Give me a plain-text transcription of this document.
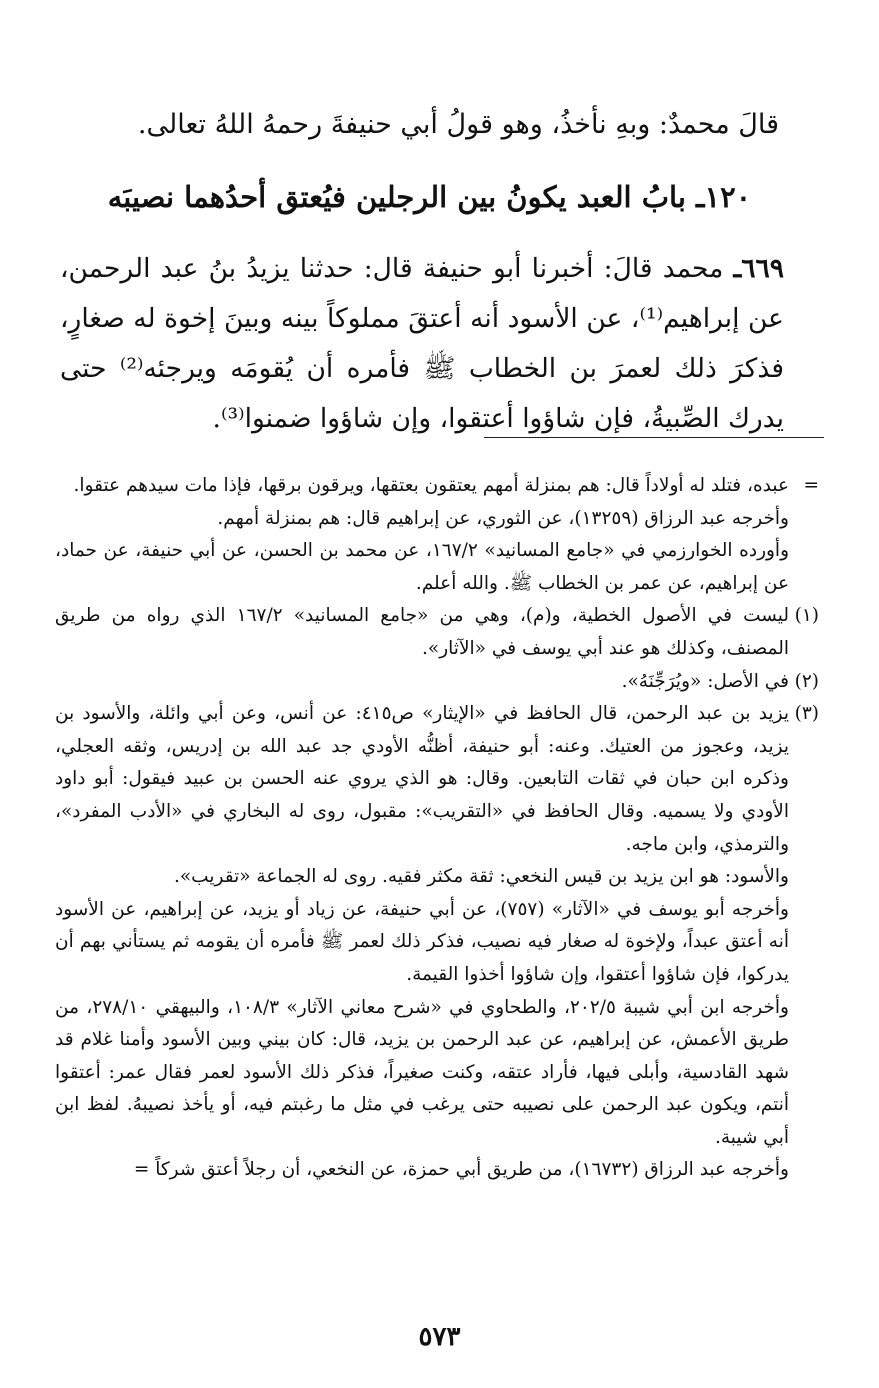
قالَ محمدٌ: وبهِ نأخذُ، وهو قولُ أبي حنيفةَ رحمهُ اللهُ تعالى.

١٢٠ـ بابُ العبد يكونُ بين الرجلين فيُعتق أحدُهما نصيبَه
٦٦٩ـ محمد قالَ: أخبرنا أبو حنيفة قال: حدثنا يزيدُ بنُ عبد الرحمن، عن إبراهيم⁽¹⁾، عن الأسود أنه أعتقَ مملوكاً بينه وبينَ إخوة له صغارٍ، فذكرَ ذلك لعمرَ بن الخطاب ﷺ فأمره أن يُقومَه ويرجئه⁽²⁾ حتى يدرك الصِّبيةُ، فإن شاؤوا أعتقوا، وإن شاؤوا ضمنوا⁽³⁾.
=

عبده، فتلد له أولاداً قال: هم بمنزلة أمهم يعتقون بعتقها، ويرقون برقها، فإذا مات سيدهم عتقوا.

وأخرجه عبد الرزاق (١٣٢٥٩)، عن الثوري، عن إبراهيم قال: هم بمنزلة أمهم.

وأورده الخوارزمي في «جامع المسانيد» ١٦٧/٢، عن محمد بن الحسن، عن أبي حنيفة، عن حماد، عن إبراهيم، عن عمر بن الخطاب ﷺ. والله أعلم.

(١)

ليست في الأصول الخطية، و(م)، وهي من «جامع المسانيد» ١٦٧/٢ الذي رواه من طريق المصنف، وكذلك هو عند أبي يوسف في «الآثار».

(٢)

في الأصل: «ويُرَجِّنَهُ».

(٣)

يزيد بن عبد الرحمن، قال الحافظ في «الإيثار» ص٤١٥: عن أنس، وعن أبي وائلة، والأسود بن يزيد، وعجوز من العتيك. وعنه: أبو حنيفة، أظنُّه الأودي جد عبد الله بن إدريس، وثقه العجلي، وذكره ابن حبان في ثقات التابعين. وقال: هو الذي يروي عنه الحسن بن عبيد فيقول: أبو داود الأودي ولا يسميه. وقال الحافظ في «التقريب»: مقبول، روى له البخاري في «الأدب المفرد»، والترمذي، وابن ماجه.

والأسود: هو ابن يزيد بن قيس النخعي: ثقة مكثر فقيه. روى له الجماعة «تقريب».

وأخرجه أبو يوسف في «الآثار» (٧٥٧)، عن أبي حنيفة، عن زياد أو يزيد، عن إبراهيم، عن الأسود أنه أعتق عبداً، ولإخوة له صغار فيه نصيب، فذكر ذلك لعمر ﷺ فأمره أن يقومه ثم يستأني بهم أن يدركوا، فإن شاؤوا أعتقوا، وإن شاؤوا أخذوا القيمة.

وأخرجه ابن أبي شيبة ٢٠٢/٥، والطحاوي في «شرح معاني الآثار» ١٠٨/٣، والبيهقي ٢٧٨/١٠، من طريق الأعمش، عن إبراهيم، عن عبد الرحمن بن يزيد، قال: كان بيني وبين الأسود وأمنا غلام قد شهد القادسية، وأبلى فيها، فأراد عتقه، وكنت صغيراً، فذكر ذلك الأسود لعمر فقال عمر: أعتقوا أنتم، ويكون عبد الرحمن على نصيبه حتى يرغب في مثل ما رغبتم فيه، أو يأخذ نصيبهُ. لفظ ابن أبي شيبة.

وأخرجه عبد الرزاق (١٦٧٣٢)، من طريق أبي حمزة، عن النخعي، أن رجلاً أعتق شركاً =

٥٧٣
